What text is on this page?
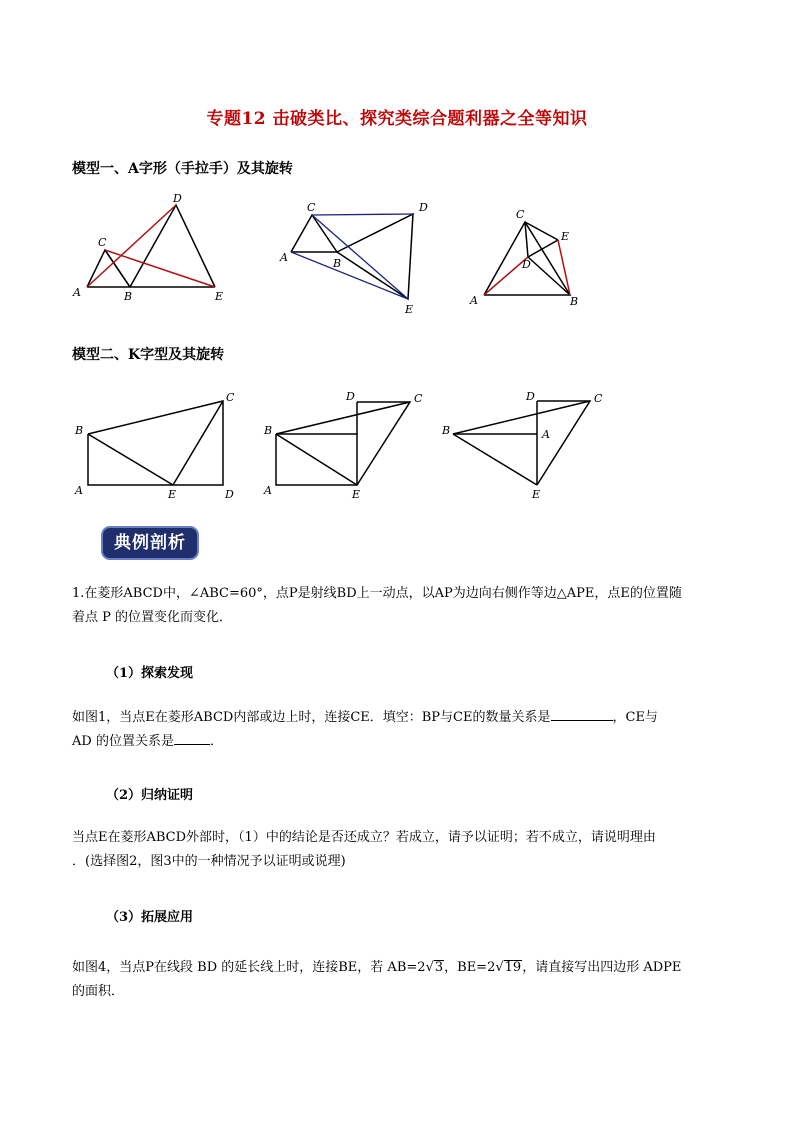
专题12 击破类比、探究类综合题利器之全等知识
模型一、A字形（手拉手）及其旋转
A	B
C
D
E
A	B
C	D
E
A	B
C
D
E
模型二、K字型及其旋转
B
A	E
C
D
B
A	E
D	C
B	A
E
D	C
典例剖析
1.在菱形ABCD中，∠ABC=60°，点P是射线BD上一动点，以AP为边向右侧作等边△APE，点E的位置随
着点 P 的位置变化而变化．
（1）探索发现
如图1，当点E在菱形ABCD内部或边上时，连接CE．填空：BP与CE的数量关系是	，CE与
AD 的位置关系是	．
（2）归纳证明
当点E在菱形ABCD外部时，（1）中的结论是否还成立？若成立，请予以证明；若不成立，请说明理由
．(选择图2，图3中的一种情况予以证明或说理)
（3）拓展应用
如图4，当点P在线段 BD 的延长线上时，连接BE，若 AB=2√3，BE=2√19，请直接写出四边形 ADPE
的面积．
